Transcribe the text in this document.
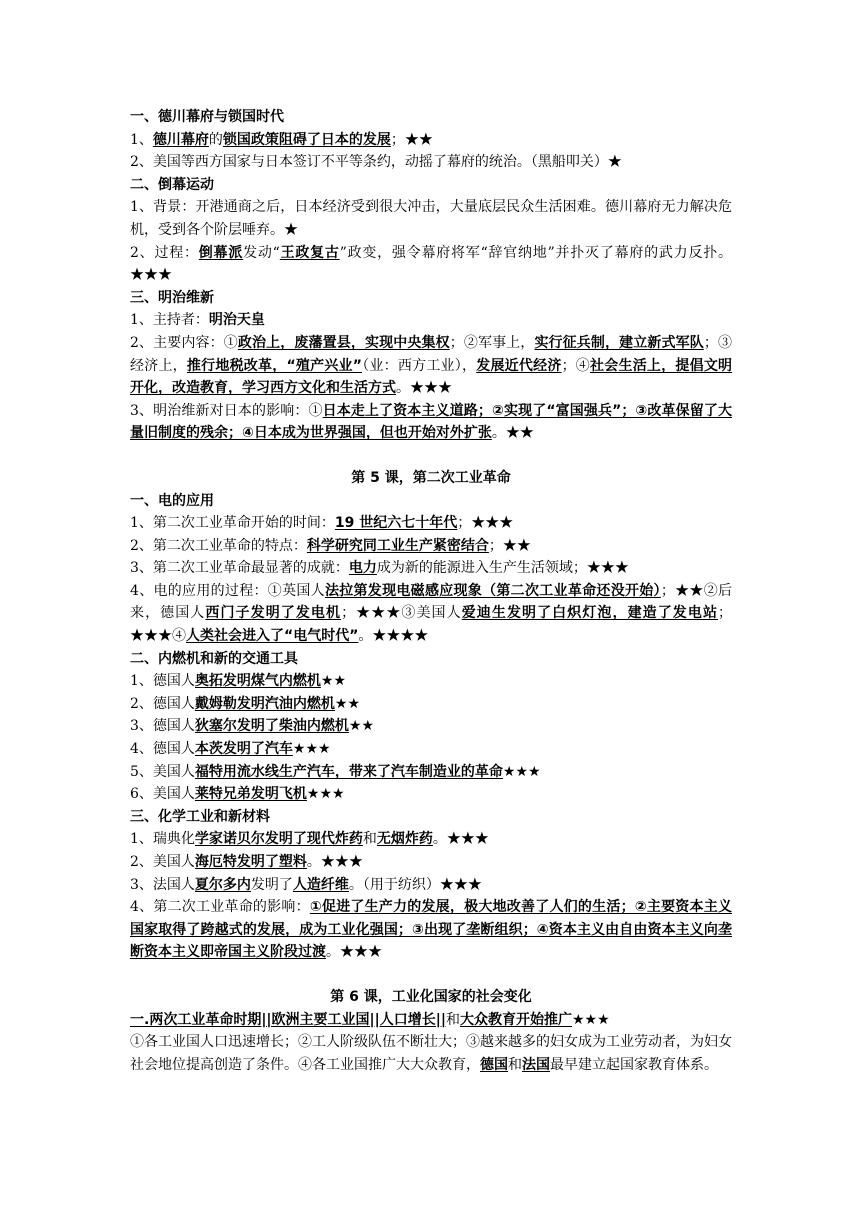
一、德川幕府与锁国时代
1、德川幕府的锁国政策阻碍了日本的发展；★★
2、美国等西方国家与日本签订不平等条约，动摇了幕府的统治。（黑船叩关）★
二、倒幕运动
1、背景：开港通商之后，日本经济受到很大冲击，大量底层民众生活困难。德川幕府无力解决危机，受到各个阶层唾弃。★
2、过程：倒幕派发动“王政复古”政变，强令幕府将军“辞官纳地”并扑灭了幕府的武力反扑。★★★
三、明治维新
1、主持者：明治天皇
2、主要内容：①政治上，废藩置县，实现中央集权；②军事上，实行征兵制，建立新式军队；③经济上，推行地税改革，“殖产兴业”（业：西方工业），发展近代经济；④社会生活上，提倡文明开化，改造教育，学习西方文化和生活方式。★★★
3、明治维新对日本的影响：①日本走上了资本主义道路；②实现了“富国强兵”；③改革保留了大量旧制度的残余；④日本成为世界强国，但也开始对外扩张。★★
第 5 课，第二次工业革命
一、电的应用
1、第二次工业革命开始的时间：19 世纪六七十年代；★★★
2、第二次工业革命的特点：科学研究同工业生产紧密结合；★★
3、第二次工业革命最显著的成就：电力成为新的能源进入生产生活领域；★★★
4、电的应用的过程：①英国人法拉第发现电磁感应现象（第二次工业革命还没开始）；★★②后来，德国人西门子发明了发电机；★★★③美国人爱迪生发明了白炽灯泡，建造了发电站；★★★④人类社会进入了“电气时代”。★★★★
二、内燃机和新的交通工具
1、德国人奥拓发明煤气内燃机★★
2、德国人戴姆勒发明汽油内燃机★★
3、德国人狄塞尔发明了柴油内燃机★★
4、德国人本茨发明了汽车★★★
5、美国人福特用流水线生产汽车，带来了汽车制造业的革命★★★
6、美国人莱特兄弟发明飞机★★★
三、化学工业和新材料
1、瑞典化学家诺贝尔发明了现代炸药和无烟炸药。★★★
2、美国人海厄特发明了塑料。★★★
3、法国人夏尔多内发明了人造纤维。（用于纺织）★★★
4、第二次工业革命的影响：①促进了生产力的发展，极大地改善了人们的生活；②主要资本主义国家取得了跨越式的发展，成为工业化强国；③出现了垄断组织；④资本主义由自由资本主义向垄断资本主义即帝国主义阶段过渡。★★★
第 6 课，工业化国家的社会变化
一.两次工业革命时期||欧洲主要工业国||人口增长||和大众教育开始推广★★★
①各工业国人口迅速增长；②工人阶级队伍不断壮大；③越来越多的妇女成为工业劳动者，为妇女社会地位提高创造了条件。④各工业国推广大大众教育，德国和法国最早建立起国家教育体系。
